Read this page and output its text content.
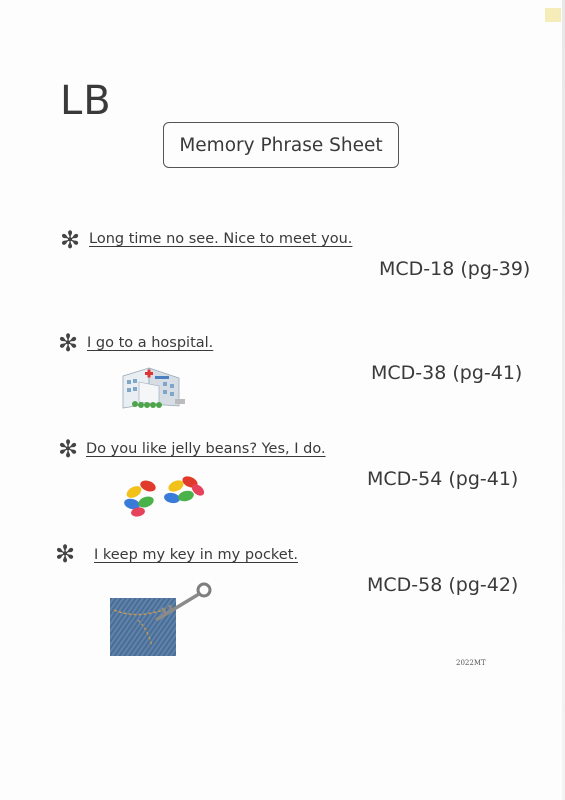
LB
Memory Phrase Sheet
✻ Long time no see. Nice to meet you.
MCD-18 (pg-39)
✻ I go to a hospital.
MCD-38 (pg-41)
✻ Do you like jelly beans? Yes, I do.
MCD-54 (pg-41)
✻ I keep my key in my pocket.
MCD-58 (pg-42)
2022MT
